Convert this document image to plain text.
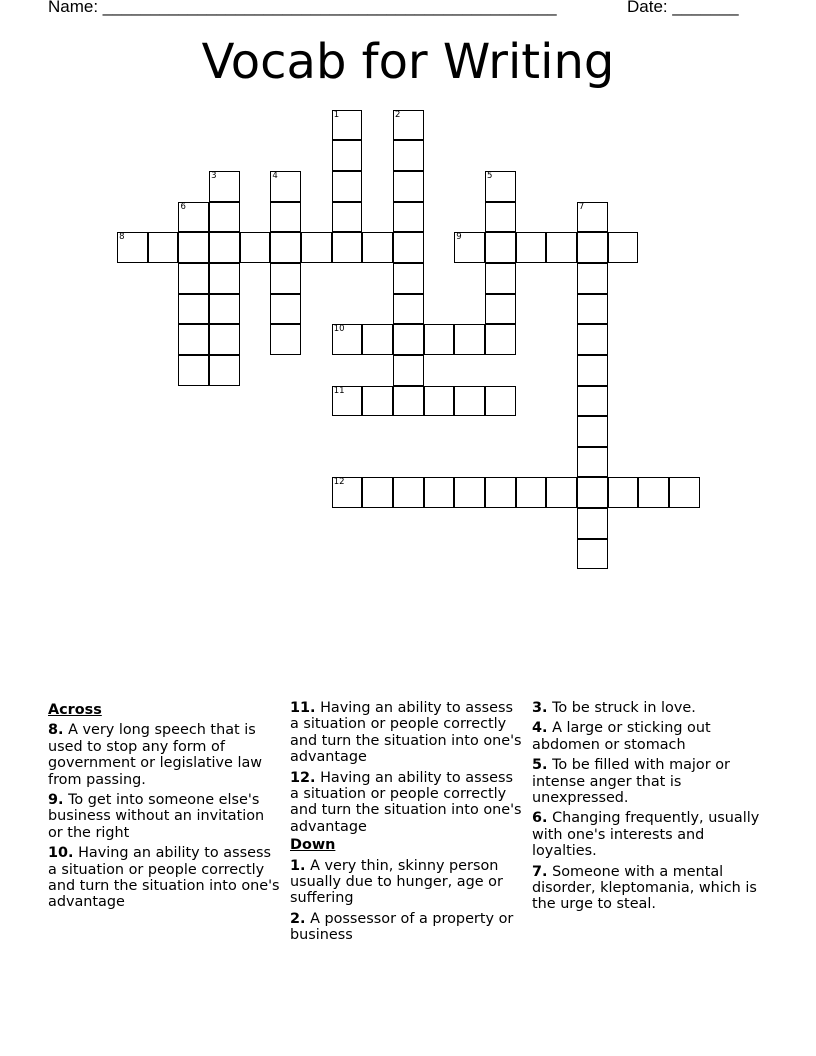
Name: ________________________________________________	Date: _______
Vocab for Writing
1	2
3	4	5
6	7
8	9
10
11
12
Across
8. A very long speech that is used to stop any form of government or legislative law from passing.
9. To get into someone else's business without an invitation or the right
10. Having an ability to assess a situation or people correctly and turn the situation into one's advantage
11. Having an ability to assess a situation or people correctly and turn the situation into one's advantage
12. Having an ability to assess a situation or people correctly and turn the situation into one's advantage
Down
1. A very thin, skinny person usually due to hunger, age or suffering
2. A possessor of a property or business
3. To be struck in love.
4. A large or sticking out abdomen or stomach
5. To be filled with major or intense anger that is unexpressed.
6. Changing frequently, usually with one's interests and loyalties.
7. Someone with a mental disorder, kleptomania, which is the urge to steal.
